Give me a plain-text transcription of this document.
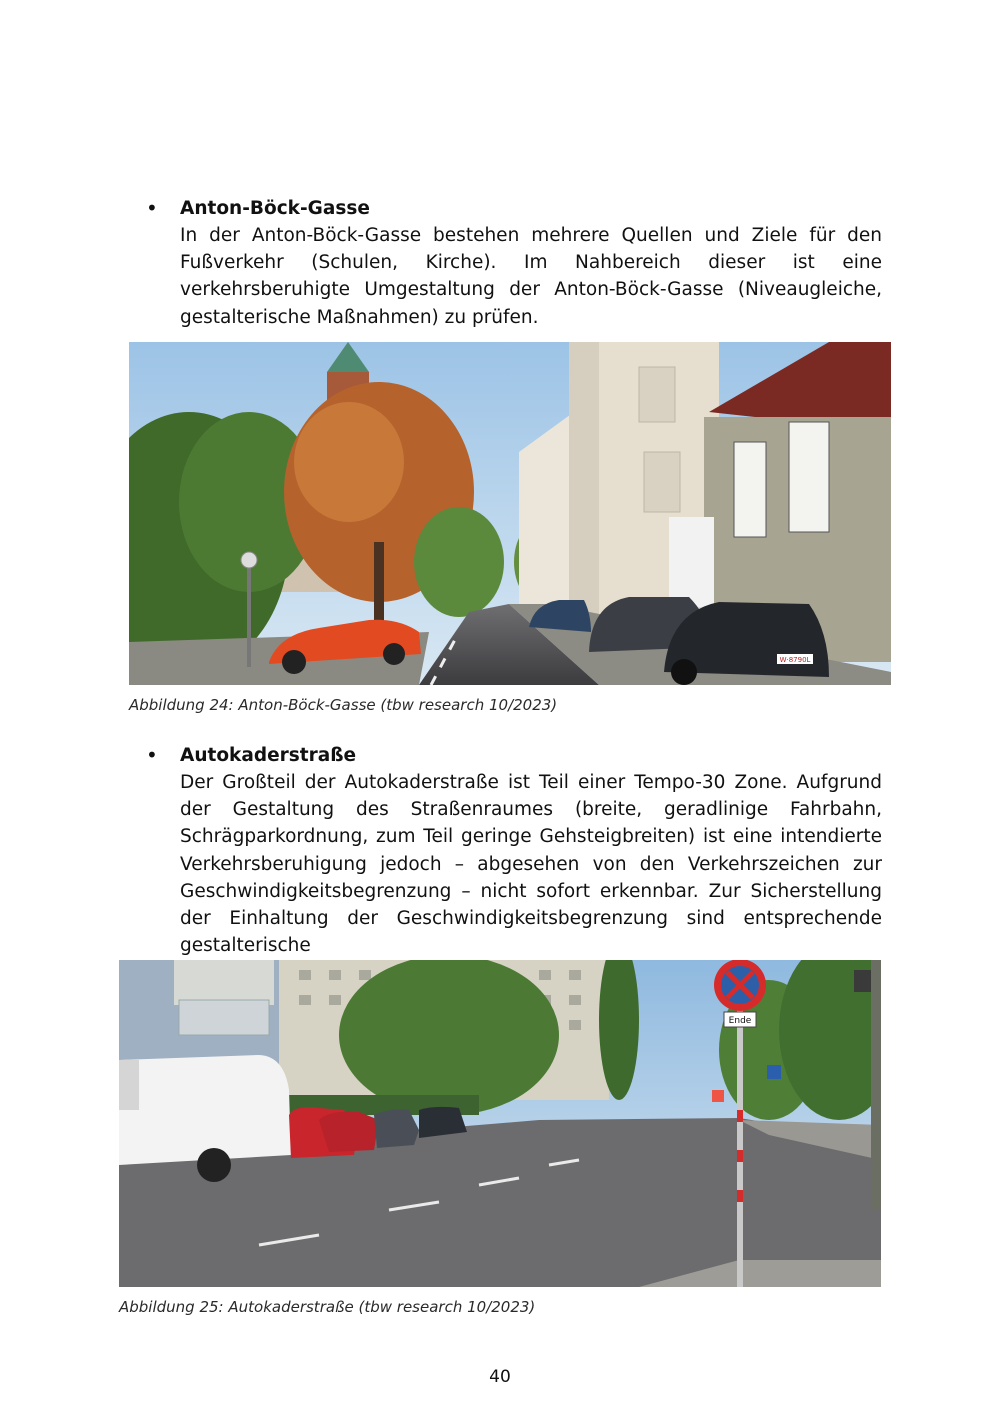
•	Anton-Böck-Gasse
In der Anton-Böck-Gasse bestehen mehrere Quellen und Ziele für den Fußverkehr (Schulen, Kirche). Im Nahbereich dieser ist eine verkehrsberuhigte Umgestaltung der Anton-Böck-Gasse (Niveaugleiche, gestalterische Maßnahmen) zu prüfen.
W·8790L
Abbildung 24: Anton-Böck-Gasse (tbw research 10/2023)
•	Autokaderstraße
Der Großteil der Autokaderstraße ist Teil einer Tempo-30 Zone. Aufgrund der Gestaltung des Straßenraumes (breite, geradlinige Fahrbahn, Schrägparkordnung, zum Teil geringe Gehsteigbreiten) ist eine intendierte Verkehrsberuhigung jedoch – abgesehen von den Verkehrszeichen zur Geschwindigkeitsbegrenzung – nicht sofort erkennbar. Zur Sicherstellung der Einhaltung der Geschwindigkeitsbegrenzung sind entsprechende gestalterische
Ende
Abbildung 25: Autokaderstraße (tbw research 10/2023)
40
